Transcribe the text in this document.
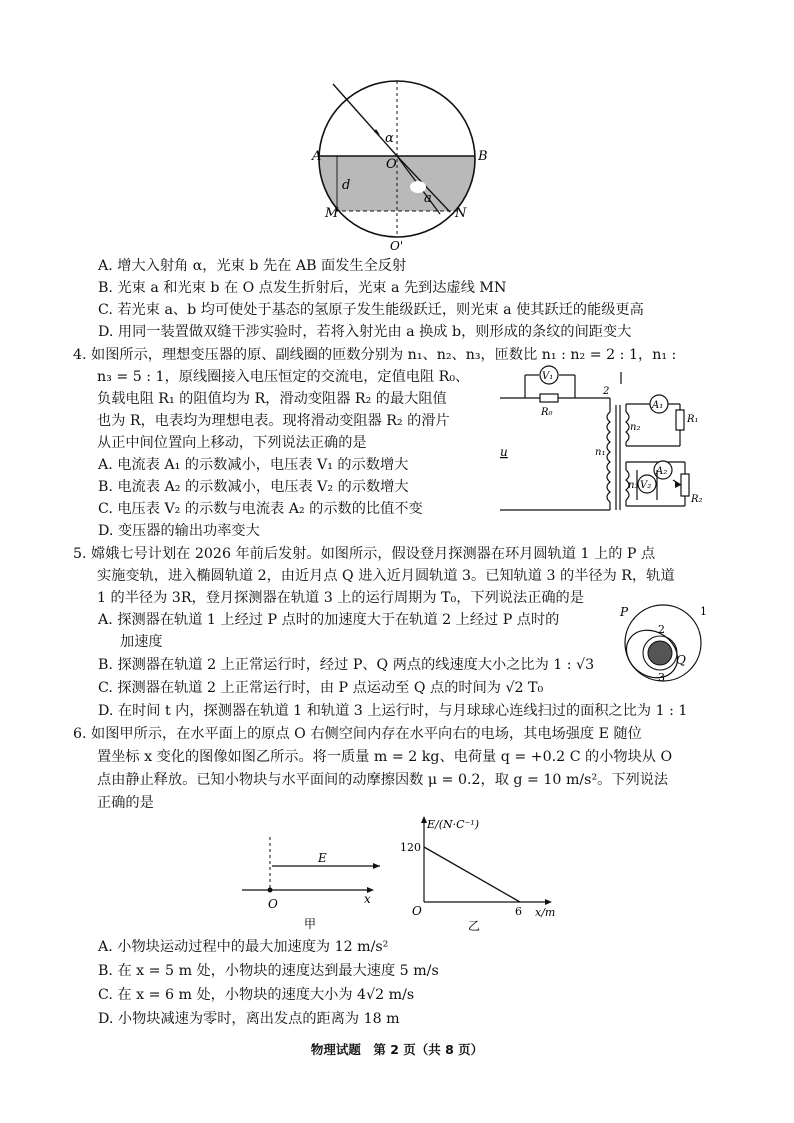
A	B
O
O'
M	N
d
α
a
A. 增大入射角 α，光束 b 先在 AB 面发生全反射
B. 光束 a 和光束 b 在 O 点发生折射后，光束 a 先到达虚线 MN
C. 若光束 a、b 均可使处于基态的氢原子发生能级跃迁，则光束 a 使其跃迁的能级更高
D. 用同一装置做双缝干涉实验时，若将入射光由 a 换成 b，则形成的条纹的间距变大
4. 如图所示，理想变压器的原、副线圈的匝数分别为 n₁、n₂、n₃，匝数比 n₁ : n₂ = 2 : 1，n₁ :
n₃ = 5 : 1，原线圈接入电压恒定的交流电，定值电阻 R₀、
负载电阻 R₁ 的阻值均为 R，滑动变阻器 R₂ 的最大阻值
也为 R，电表均为理想电表。现将滑动变阻器 R₂ 的滑片
从正中间位置向上移动，下列说法正确的是
A. 电流表 A₁ 的示数减小，电压表 V₁ 的示数增大
B. 电流表 A₂ 的示数减小，电压表 V₂ 的示数增大
C. 电压表 V₂ 的示数与电流表 A₂ 的示数的比值不变
D. 变压器的输出功率变大
V₁
R₀
A₁
R₁
n₂
n₁
n₃
A₂
V₂
R₂
u
2
5. 嫦娥七号计划在 2026 年前后发射。如图所示，假设登月探测器在环月圆轨道 1 上的 P 点
实施变轨，进入椭圆轨道 2，由近月点 Q 进入近月圆轨道 3。已知轨道 3 的半径为 R，轨道
1 的半径为 3R，登月探测器在轨道 3 上的运行周期为 T₀，下列说法正确的是
A. 探测器在轨道 1 上经过 P 点时的加速度大于在轨道 2 上经过 P 点时的
加速度
B. 探测器在轨道 2 上正常运行时，经过 P、Q 两点的线速度大小之比为 1 : √3
C. 探测器在轨道 2 上正常运行时，由 P 点运动至 Q 点的时间为 √2 T₀
D. 在时间 t 内，探测器在轨道 1 和轨道 3 上运行时，与月球球心连线扫过的面积之比为 1 : 1
P
Q
1
2
3
6. 如图甲所示，在水平面上的原点 O 右侧空间内存在水平向右的电场，其电场强度 E 随位
置坐标 x 变化的图像如图乙所示。将一质量 m = 2 kg、电荷量 q = +0.2 C 的小物块从 O
点由静止释放。已知小物块与水平面间的动摩擦因数 μ = 0.2，取 g = 10 m/s²。下列说法
正确的是
E
O	x
甲
E/(N·C⁻¹)
120
O	6 x/m
乙
A. 小物块运动过程中的最大加速度为 12 m/s²
B. 在 x = 5 m 处，小物块的速度达到最大速度 5 m/s
C. 在 x = 6 m 处，小物块的速度大小为 4√2 m/s
D. 小物块减速为零时，离出发点的距离为 18 m
物理试题　第 2 页（共 8 页）
